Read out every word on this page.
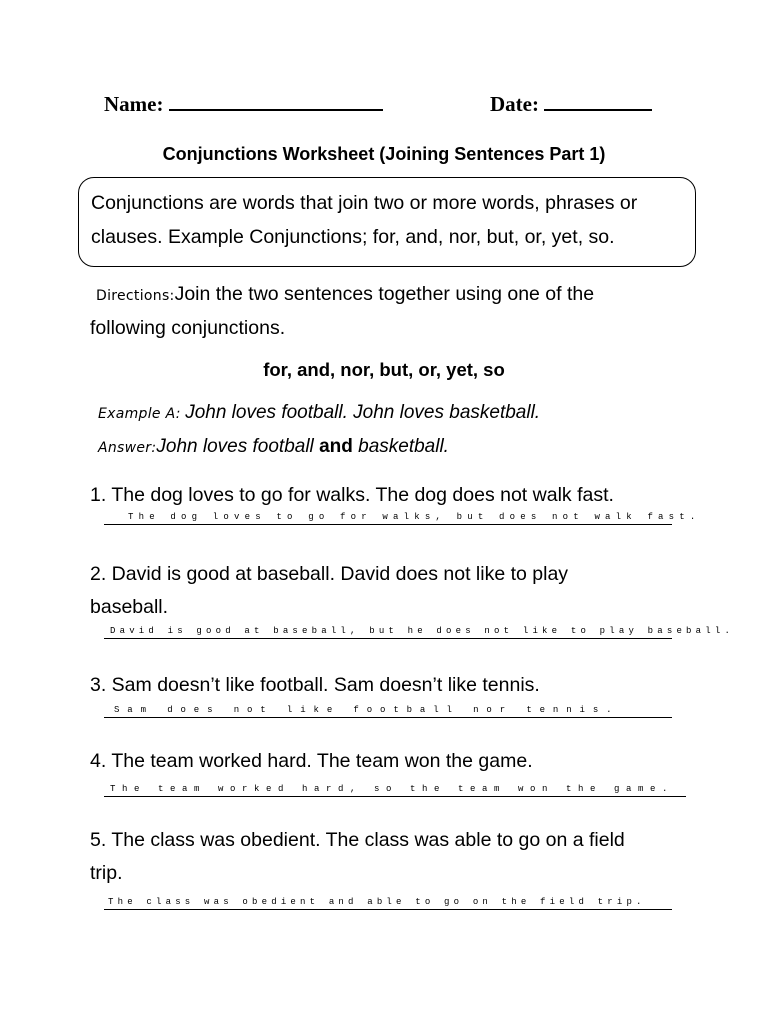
Name:	Date:
Conjunctions Worksheet (Joining Sentences Part 1)
Conjunctions are words that join two or more words, phrases or clauses. Example Conjunctions; for, and, nor, but, or, yet, so.
Directions:Join the two sentences together using one of the
following conjunctions.
for, and, nor, but, or, yet, so
Example A: John loves football. John loves basketball.
Answer:John loves football and basketball.
1. The dog loves to go for walks. The dog does not walk fast.
The dog loves to go for walks, but does not walk fast.
2. David is good at baseball. David does not like to play
baseball.
David is good at baseball, but he does not like to play baseball.
3. Sam doesn’t like football. Sam doesn’t like tennis.
Sam does not like football nor tennis.
4. The team worked hard. The team won the game.
The team worked hard, so the team won the game.
5. The class was obedient. The class was able to go on a field
trip.
The class was obedient and able to go on the field trip.
